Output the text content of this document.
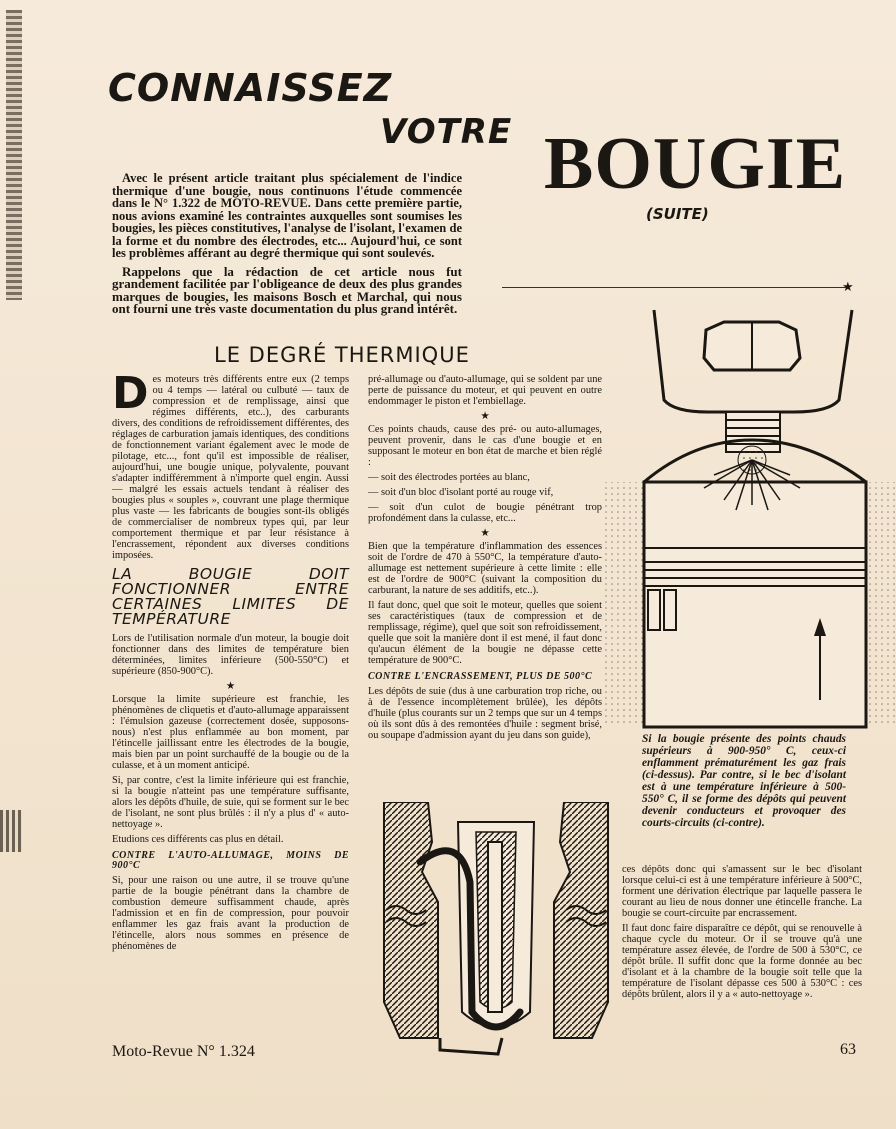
CONNAISSEZ
VOTRE BOUGIE
(SUITE)

Avec le présent article traitant plus spécialement de l'indice thermique d'une bougie, nous continuons l'étude commencée dans le N° 1.322 de MOTO-REVUE. Dans cette première partie, nous avions examiné les contraintes auxquelles sont soumises les bougies, les pièces constitutives, l'analyse de l'isolant, l'examen de la forme et du nombre des électrodes, etc... Aujourd'hui, ce sont les problèmes afférant au degré thermique qui sont soulevés.

Rappelons que la rédaction de cet article nous fut grandement facilitée par l'obligeance de deux des plus grandes marques de bougies, les maisons Bosch et Marchal, qui nous ont fourni une très vaste documentation du plus grand intérêt.

★
LE DEGRÉ THERMIQUE

Des moteurs très différents entre eux (2 temps ou 4 temps — latéral ou culbuté — taux de compression et de remplissage, ainsi que régimes différents, etc..), des carburants divers, des conditions de refroidissement différentes, des réglages de carburation jamais identiques, des conditions de fonctionnement variant également avec le mode de pilotage, etc..., font qu'il est impossible de réaliser, aujourd'hui, une bougie unique, polyvalente, pouvant s'adapter indifféremment à n'importe quel engin. Aussi — malgré les essais actuels tendant à réaliser des bougies plus « souples », couvrant une plage thermique plus vaste — les fabricants de bougies sont-ils obligés de commercialiser de nombreux types qui, par leur comportement thermique et par leur résistance à l'encrassement, répondent aux diverses conditions imposées.

LA BOUGIE DOIT FONCTIONNER ENTRE CERTAINES LIMITES DE TEMPÉRATURE

Lors de l'utilisation normale d'un moteur, la bougie doit fonctionner dans des limites de température bien déterminées, limites inférieure (500-550°C) et supérieure (850-900°C).

★

Lorsque la limite supérieure est franchie, les phénomènes de cliquetis et d'auto-allumage apparaissent : l'émulsion gazeuse (correctement dosée, supposons-nous) n'est plus enflammée au bon moment, par l'étincelle jaillissant entre les électrodes de la bougie, mais bien par un point surchauffé de la bougie ou de la culasse, et à un moment anticipé.

Si, par contre, c'est la limite inférieure qui est franchie, si la bougie n'atteint pas une température suffisante, alors les dépôts d'huile, de suie, qui se forment sur le bec de l'isolant, ne sont plus brûlés : il n'y a plus d' « auto-nettoyage ».

Etudions ces différents cas plus en détail.

CONTRE L'AUTO-ALLUMAGE, MOINS DE 900°C

Si, pour une raison ou une autre, il se trouve qu'une partie de la bougie pénétrant dans la chambre de combustion demeure suffisamment chaude, après l'admission et en fin de compression, pour pouvoir enflammer les gaz frais avant la production de l'étincelle, alors nous sommes en présence de phénomènes de

pré-allumage ou d'auto-allumage, qui se soldent par une perte de puissance du moteur, et qui peuvent en outre endommager le piston et l'embiellage.

★

Ces points chauds, cause des pré- ou auto-allumages, peuvent provenir, dans le cas d'une bougie et en supposant le moteur en bon état de marche et bien réglé :

— soit des électrodes portées au blanc,

— soit d'un bloc d'isolant porté au rouge vif,

— soit d'un culot de bougie pénétrant trop profondément dans la culasse, etc...

★

Bien que la température d'inflammation des essences soit de l'ordre de 470 à 550°C, la température d'auto-allumage est nettement supérieure à cette limite : elle est de l'ordre de 900°C (suivant la composition du carburant, la nature de ses additifs, etc..).

Il faut donc, quel que soit le moteur, quelles que soient ses caractéristiques (taux de compression et de remplissage, régime), quel que soit son refroidissement, quelle que soit la manière dont il est mené, il faut donc qu'aucun élément de la bougie ne dépasse cette température de 900°C.

CONTRE L'ENCRASSEMENT, PLUS DE 500°C

Les dépôts de suie (dus à une carburation trop riche, ou à de l'essence incomplètement brûlée), les dépôts d'huile (plus courants sur un 2 temps que sur un 4 temps où ils sont dûs à des remontées d'huile : segment brisé, ou soupape d'admission ayant du jeu dans son guide),	Si la bougie présente des points chauds supérieurs à 900-950° C, ceux-ci enflamment prématurément les gaz frais (ci-dessus). Par contre, si le bec d'isolant est à une température inférieure à 500-550° C, il se forme des dépôts qui peuvent devenir conducteurs et provoquer des courts-circuits (ci-contre).

ces dépôts donc qui s'amassent sur le bec d'isolant lorsque celui-ci est à une température inférieure à 500°C, forment une dérivation électrique par laquelle passera le courant au lieu de nous donner une étincelle franche. La bougie se court-circuite par encrassement.

Il faut donc faire disparaître ce dépôt, qui se renouvelle à chaque cycle du moteur. Or il se trouve qu'à une température assez élevée, de l'ordre de 500 à 530°C, ce dépôt brûle. Il suffit donc que la forme donnée au bec d'isolant et à la chambre de la bougie soit telle que la température de l'isolant dépasse ces 500 à 530°C : ces dépôts brûlent, alors il y a « auto-nettoyage ».

Moto-Revue N° 1.324	63
